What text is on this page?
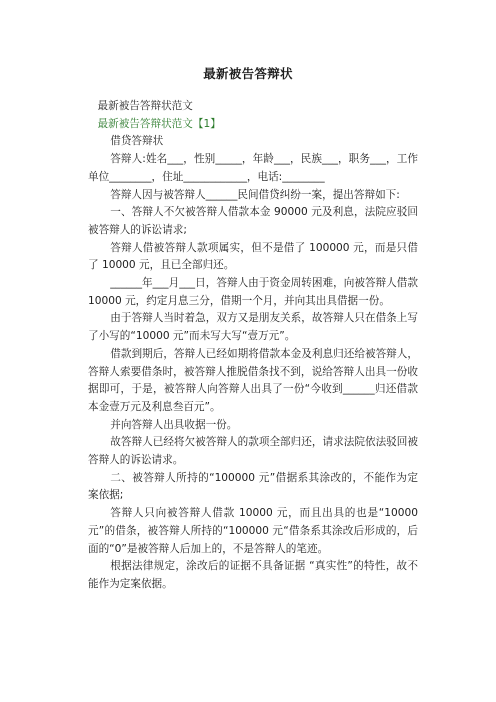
最新被告答辩状

最新被告答辩状范文

最新被告答辩状范文【1】

借贷答辩状

答辩人:姓名___，性别_____，年龄___，民族___，职务___，工作单位________，住址____________，电话:________

答辩人因与被答辩人______民间借贷纠纷一案，提出答辩如下:

一、答辩人不欠被答辩人借款本金 90000 元及利息，法院应驳回被答辩人的诉讼请求;

答辩人借被答辩人款项属实，但不是借了 100000 元，而是只借了 10000 元，且已全部归还。

______年___月___日，答辩人由于资金周转困难，向被答辩人借款 10000 元，约定月息三分，借期一个月，并向其出具借据一份。

由于答辩人当时着急，双方又是朋友关系，故答辩人只在借条上写了小写的“10000 元”而未写大写“壹万元”。

借款到期后，答辩人已经如期将借款本金及利息归还给被答辩人，答辩人索要借条时，被答辩人推脱借条找不到，说给答辩人出具一份收据即可，于是，被答辩人向答辩人出具了一份“今收到______归还借款本金壹万元及利息叁百元”。

并向答辩人出具收据一份。

故答辩人已经将欠被答辩人的款项全部归还，请求法院依法驳回被答辩人的诉讼请求。

二、被答辩人所持的“100000 元”借据系其涂改的，不能作为定案依据;

答辩人只向被答辩人借款 10000 元，而且出具的也是“10000 元”的借条，被答辩人所持的“100000 元“借条系其涂改后形成的，后面的“0”是被答辩人后加上的，不是答辩人的笔迹。

根据法律规定，涂改后的证据不具备证据 “真实性”的特性，故不能作为定案依据。
